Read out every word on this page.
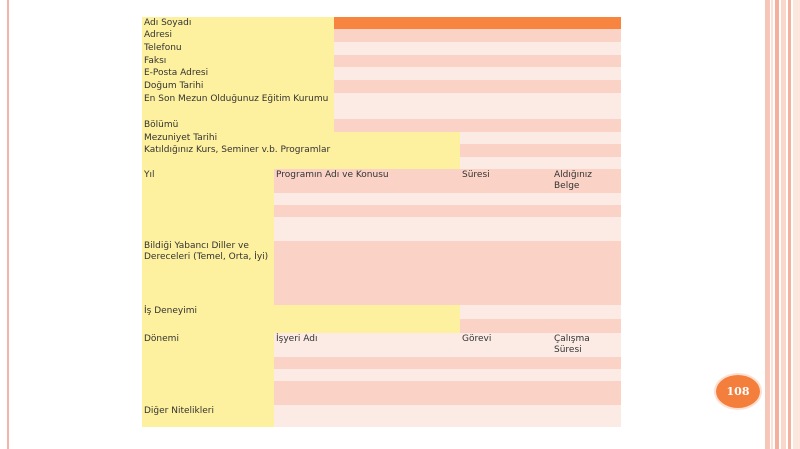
Adı Soyadı
Adresi
Telefonu
Faksı
E-Posta Adresi
Doğum Tarihi
En Son Mezun Olduğunuz Eğitim Kurumu
Bölümü
Mezuniyet Tarihi
Katıldığınız Kurs, Seminer v.b. Programlar
Yıl	Programın Adı ve Konusu	Süresi	Aldığınız Belge
Bildiği Yabancı Diller ve Dereceleri (Temel, Orta, İyi)
İş Deneyimi
Dönemi	İşyeri Adı	Görevi	Çalışma Süresi
Diğer Nitelikleri
108
